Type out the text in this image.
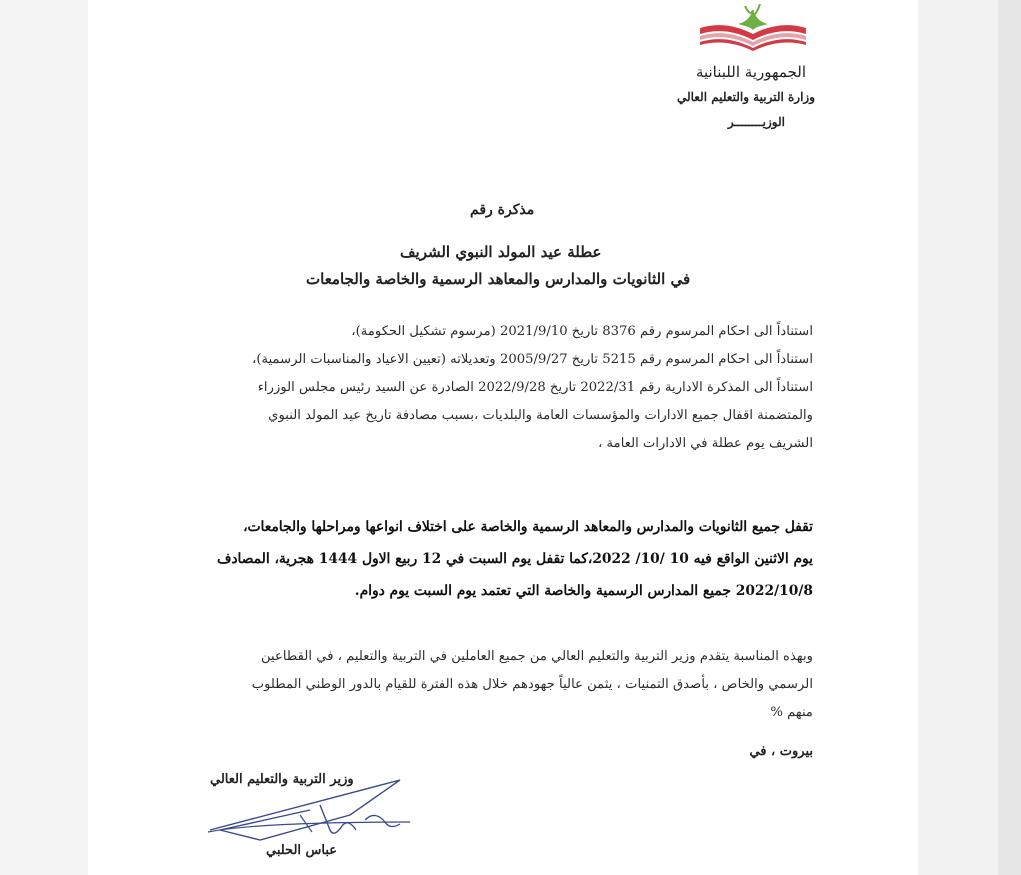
الجمهورية اللبنانية
وزارة التربية والتعليم العالي
الوزيــــــــر
مذكرة رقم
عطلة عيد المولد النبوي الشريف
في الثانويات والمدارس والمعاهد الرسمية والخاصة والجامعات
استناداً الى احكام المرسوم رقم 8376 تاريخ 2021/9/10 (مرسوم تشكيل الحكومة)،
استناداً الى احكام المرسوم رقم 5215 تاريخ 2005/9/27 وتعديلاته (تعيين الاعياد والمناسبات الرسمية)،
استناداً الى المذكرة الادارية رقم 2022/31 تاريخ 2022/9/28 الصادرة عن السيد رئيس مجلس الوزراء
والمتضمنة اقفال جميع الادارات والمؤسسات العامة والبلديات ،بسبب مصادفة تاريخ عيد المولد النبوي
الشريف يوم عطلة في الادارات العامة ،
تقفل جميع الثانويات والمدارس والمعاهد الرسمية والخاصة على اختلاف انواعها ومراحلها والجامعات،
يوم الاثنين الواقع فيه 10 /10/ 2022،كما تقفل يوم السبت في 12 ربيع الاول 1444 هجرية، المصادف
2022/10/8 جميع المدارس الرسمية والخاصة التي تعتمد يوم السبت يوم دوام.
وبهذه المناسبة يتقدم وزير التربية والتعليم العالي من جميع العاملين في التربية والتعليم ، في القطاعين
الرسمي والخاص ، بأصدق التمنيات ، يثمن عالياً جهودهم خلال هذه الفترة للقيام بالدور الوطني المطلوب
منهم %
بيروت ، في
وزير التربية والتعليم العالي
عباس الحلبي
